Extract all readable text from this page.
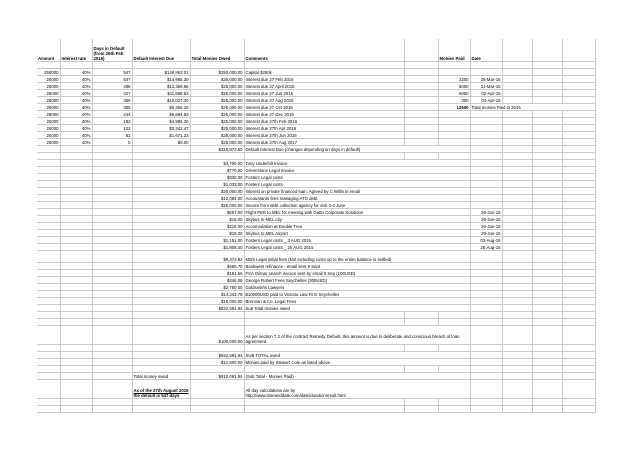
Amount	Interest rate	Days in Default (from 26th Feb 2015)	Default Interest Due	Total Monies Owed	Comments		Monies Paid	Date			

250000	40%	547	$149,863.01	$250,000.00	Capital $250k						
25000	40%	547	$14,986.30	$25,000.00	Interest due 27 Feb 2015		2200	25-Mar-15			
25000	40%	488	$13,369.86	$25,000.00	Interest due 27 April 2015		5000	31-Mar-15			
25000	40%	427	$11,698.63	$25,000.00	Interest due 27 Jun 2015		5000	02-Apr-15			
25000	40%	366	$10,027.40	$25,000.00	Interest due 27 Aug 2015		300	04-Apr-15			
25000	40%	305	$8,356.16	$25,000.00	Interest due 27 Oct 2015		12500	Total monies Paid in 2015			
25000	40%	244	$6,684.93	$25,000.00	Interest due 27 Dec 2015						
25000	40%	182	$4,986.30	$25,000.00	Interest due 27th Feb 2016						
25000	40%	122	$3,342.47	$25,000.00	Interest due 27th Apr 2016						
25000	40%	61	$1,671.23	$25,000.00	Interest due 27th Jun 2016						
25000	40%	0	$0.00	$25,000.00	Interest due 27th Aug 2017						
				$219,972.60	Default Interest Due (changes depending on days in default)						

				$3,700.00	Tony Underhill Invoice						
				$770.00	Greenstone Legal Invoice						
				$330.00	Fosters Legal costs						
				$1,033.00	Fosters Legal costs						
				$20,000.00	Interest on private financed loan. Agreed by C Willis in email						
				$12,084.00	Accountants fees managing ATO debt						
				$25,000.00	Invoice from debt collection agency for visit 3-4 June						
				$657.00	Flight PER to MEL for meeting with Gatto Corporate Solutions			28-Jun-15			
				$18.00	Skybus to MEL city			28-Jun-15			
				$215.00	Accomodation at Double Tree			28-Jun-15			
				$18.00	Skybus to MEL Airport			29-Jun-15			
				$1,151.00	Fosters Legal costs _ 3 AUG 2015			03-Aug-15			
				$1,808.40	Fosters Legal costs _ 25 AUG 2015			25-Aug-15			
				$9,372.82	MDS Legal initial fees (Not including costs up to the entire balance is settled)						
				$460.70	Bankwest refinance - email sent 9 Sept						
				$181.56	FSA Gilmar search invoice sent by email 9 Sep (100USD)						
				$446.08	George Robert Fees Seychelles (300USD)						
				$2,750.00	Goldsmiths Lawyers						
				$14,243.78	$10000USD paid to Victoria Law Firm Seychelles						
				$10,000.00	Brennan & Co. Legal Fees						
				$822,591.94	Sub Total monies owed						

				$100,000.00	As per section 7.2 of the contract Remedy Default, this amount is due to deliberate and conscious breach of loan agreement						

				$922,591.94	SUB TOTAL owed						
				-$12,500.00	Monies paid by Stewart Cole as listed above						

			Total money owed	$910,091.94	(Sub Total - Monies Paid)						
			As of the 27th August 2016 the default is 547 days		All day calculations are by
http://www.timeanddate.com/date/durationresult.html						
